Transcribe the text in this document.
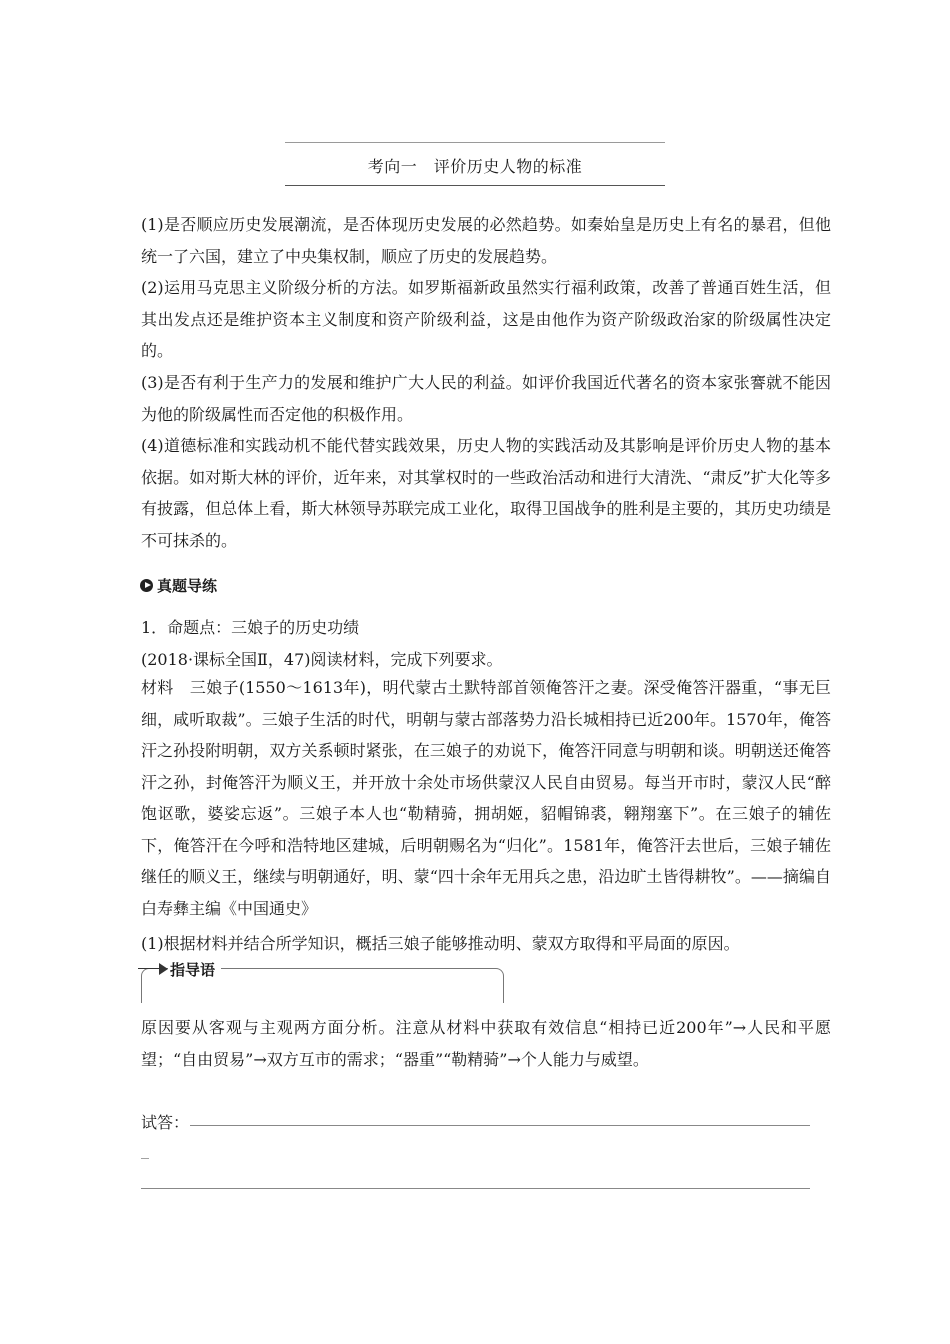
考向一　评价历史人物的标准
(1)是否顺应历史发展潮流，是否体现历史发展的必然趋势。如秦始皇是历史上有名的暴君，但他统一了六国，建立了中央集权制，顺应了历史的发展趋势。
(2)运用马克思主义阶级分析的方法。如罗斯福新政虽然实行福利政策，改善了普通百姓生活，但其出发点还是维护资本主义制度和资产阶级利益，这是由他作为资产阶级政治家的阶级属性决定的。
(3)是否有利于生产力的发展和维护广大人民的利益。如评价我国近代著名的资本家张謇就不能因为他的阶级属性而否定他的积极作用。
(4)道德标准和实践动机不能代替实践效果，历史人物的实践活动及其影响是评价历史人物的基本依据。如对斯大林的评价，近年来，对其掌权时的一些政治活动和进行大清洗、“肃反”扩大化等多有披露，但总体上看，斯大林领导苏联完成工业化，取得卫国战争的胜利是主要的，其历史功绩是不可抹杀的。
真题导练
1．命题点：三娘子的历史功绩
(2018·课标全国Ⅱ，47)阅读材料，完成下列要求。
材料　三娘子(1550～1613年)，明代蒙古土默特部首领俺答汗之妻。深受俺答汗器重，“事无巨细，咸听取裁”。三娘子生活的时代，明朝与蒙古部落势力沿长城相持已近200年。1570年，俺答汗之孙投附明朝，双方关系顿时紧张，在三娘子的劝说下，俺答汗同意与明朝和谈。明朝送还俺答汗之孙，封俺答汗为顺义王，并开放十余处市场供蒙汉人民自由贸易。每当开市时，蒙汉人民“醉饱讴歌，婆娑忘返”。三娘子本人也“勒精骑，拥胡姬，貂帽锦裘，翱翔塞下”。在三娘子的辅佐下，俺答汗在今呼和浩特地区建城，后明朝赐名为“归化”。1581年，俺答汗去世后，三娘子辅佐继任的顺义王，继续与明朝通好，明、蒙“四十余年无用兵之患，沿边旷土皆得耕牧”。——摘编自白寿彝主编《中国通史》
(1)根据材料并结合所学知识，概括三娘子能够推动明、蒙双方取得和平局面的原因。
指导语
原因要从客观与主观两方面分析。注意从材料中获取有效信息“相持已近200年”→人民和平愿望；“自由贸易”→双方互市的需求；“器重”“勒精骑”→个人能力与威望。
试答：
_
